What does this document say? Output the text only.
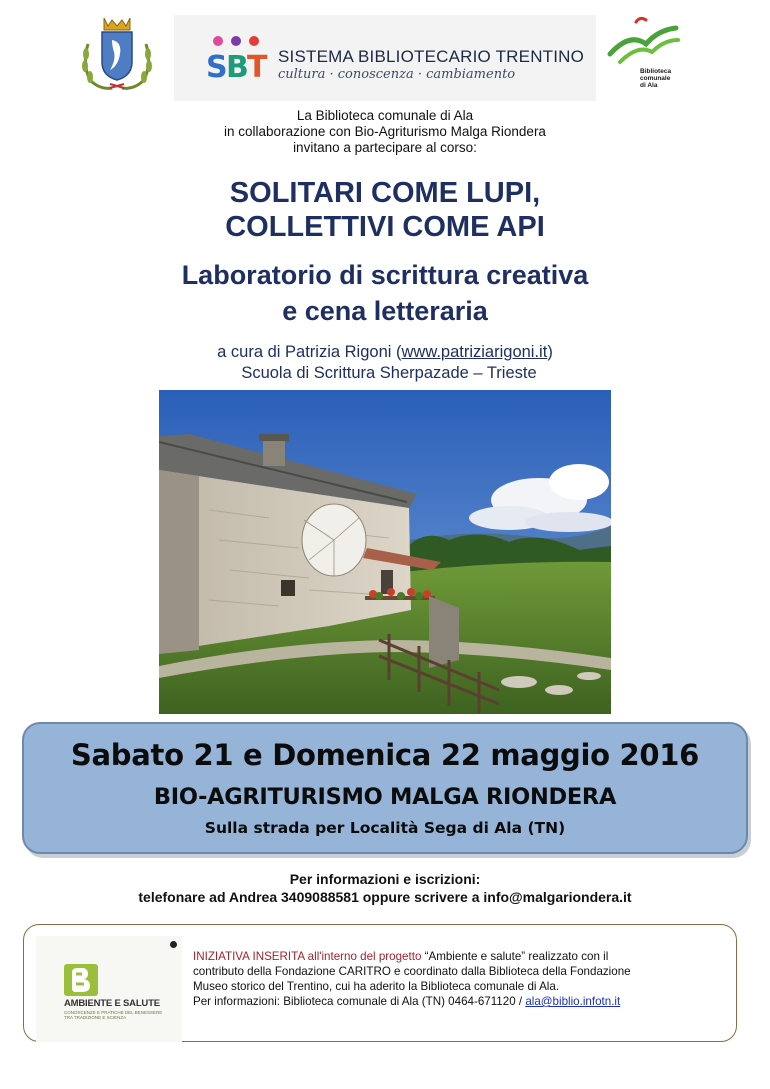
S
B
T SISTEMA BIBLIOTECARIO TRENTINO
cultura · conoscenza · cambiamento	Biblioteca
comunale
di Ala
La Biblioteca comunale di Ala
in collaborazione con Bio-Agriturismo Malga Riondera
invitano a partecipare al corso:
SOLITARI COME LUPI,
COLLETTIVI COME API
Laboratorio di scrittura creativa
e cena letteraria
a cura di Patrizia Rigoni (www.patriziarigoni.it)
Scuola di Scrittura Sherpazade – Trieste
Sabato 21 e Domenica 22 maggio 2016
BIO-AGRITURISMO MALGA RIONDERA
Sulla strada per Località Sega di Ala (TN)
Per informazioni e iscrizioni:
telefonare ad Andrea 3409088581 oppure scrivere a info@malgariondera.it
AMBIENTE E SALUTE
CONOSCENZE E PRATICHE DEL BENESSERE
TRA TRADIZIONE E SCIENZA
INIZIATIVA INSERITA all'interno del progetto “Ambiente e salute” realizzato con il
contributo della Fondazione CARITRO e coordinato dalla Biblioteca della Fondazione
Museo storico del Trentino, cui ha aderito la Biblioteca comunale di Ala.
Per informazioni: Biblioteca comunale di Ala (TN) 0464-671120 / ala@biblio.infotn.it
